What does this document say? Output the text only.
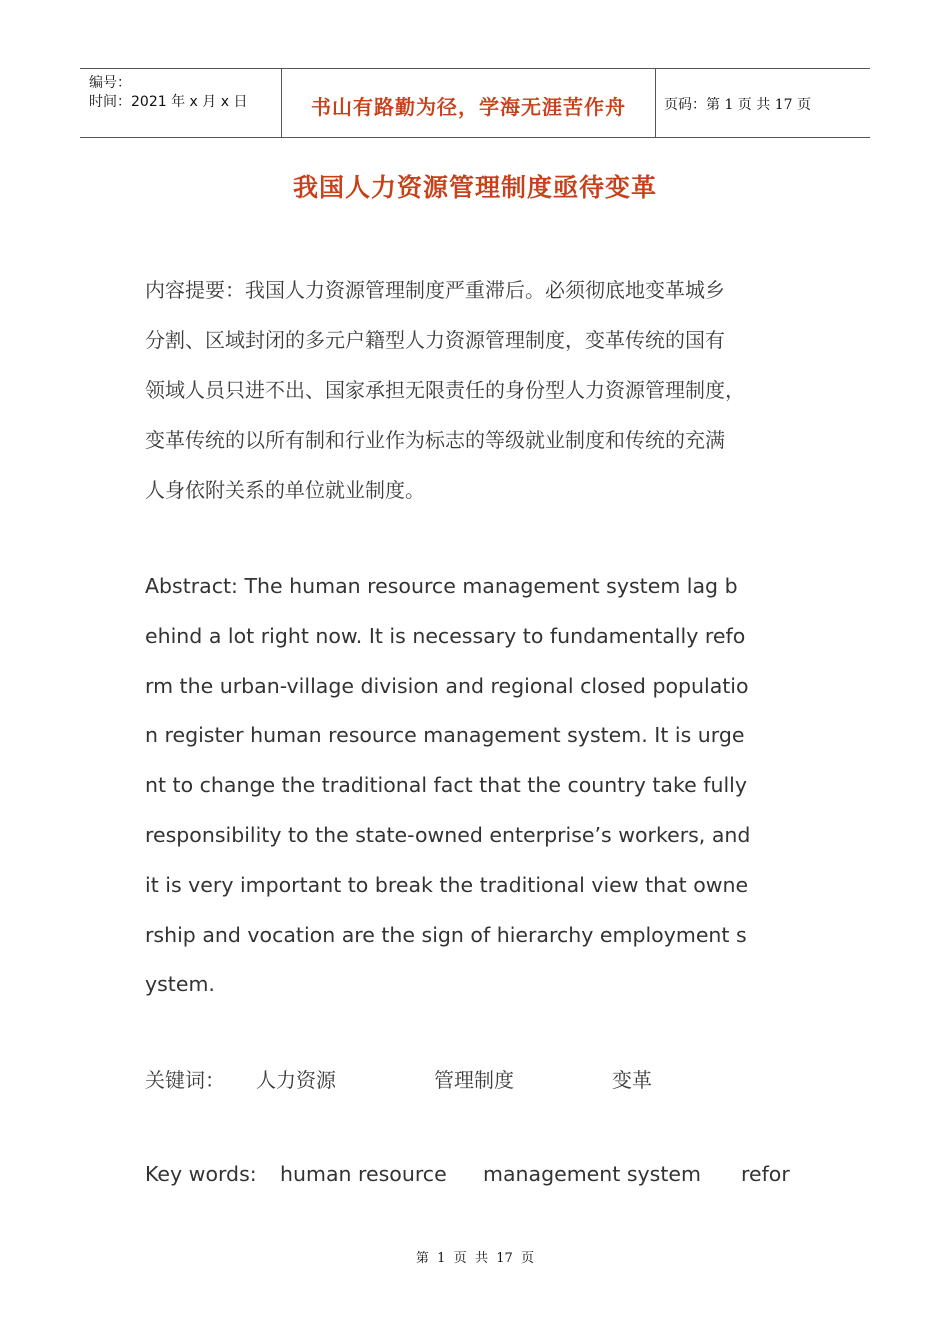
编号：
时间：2021 年 x 月 x 日	书山有路勤为径，学海无涯苦作舟	页码：第 1 页 共 17 页
我国人力资源管理制度亟待变革
内容提要：我国人力资源管理制度严重滞后。必须彻底地变革城乡
分割、区域封闭的多元户籍型人力资源管理制度，变革传统的国有
领域人员只进不出、国家承担无限责任的身份型人力资源管理制度，
变革传统的以所有制和行业作为标志的等级就业制度和传统的充满
人身依附关系的单位就业制度。
Abstract: The human resource management system lag b
ehind a lot right now. It is necessary to fundamentally refo
rm the urban-village division and regional closed populatio
n register human resource management system. It is urge
nt to change the traditional fact that the country take fully
responsibility to the state-owned enterprise’s workers, and
it is very important to break the traditional view that owne
rship and vocation are the sign of hierarchy employment s
ystem.
关键词： 人力资源	管理制度	变革
Key words: human resource management system refor
第  1  页  共  17  页
